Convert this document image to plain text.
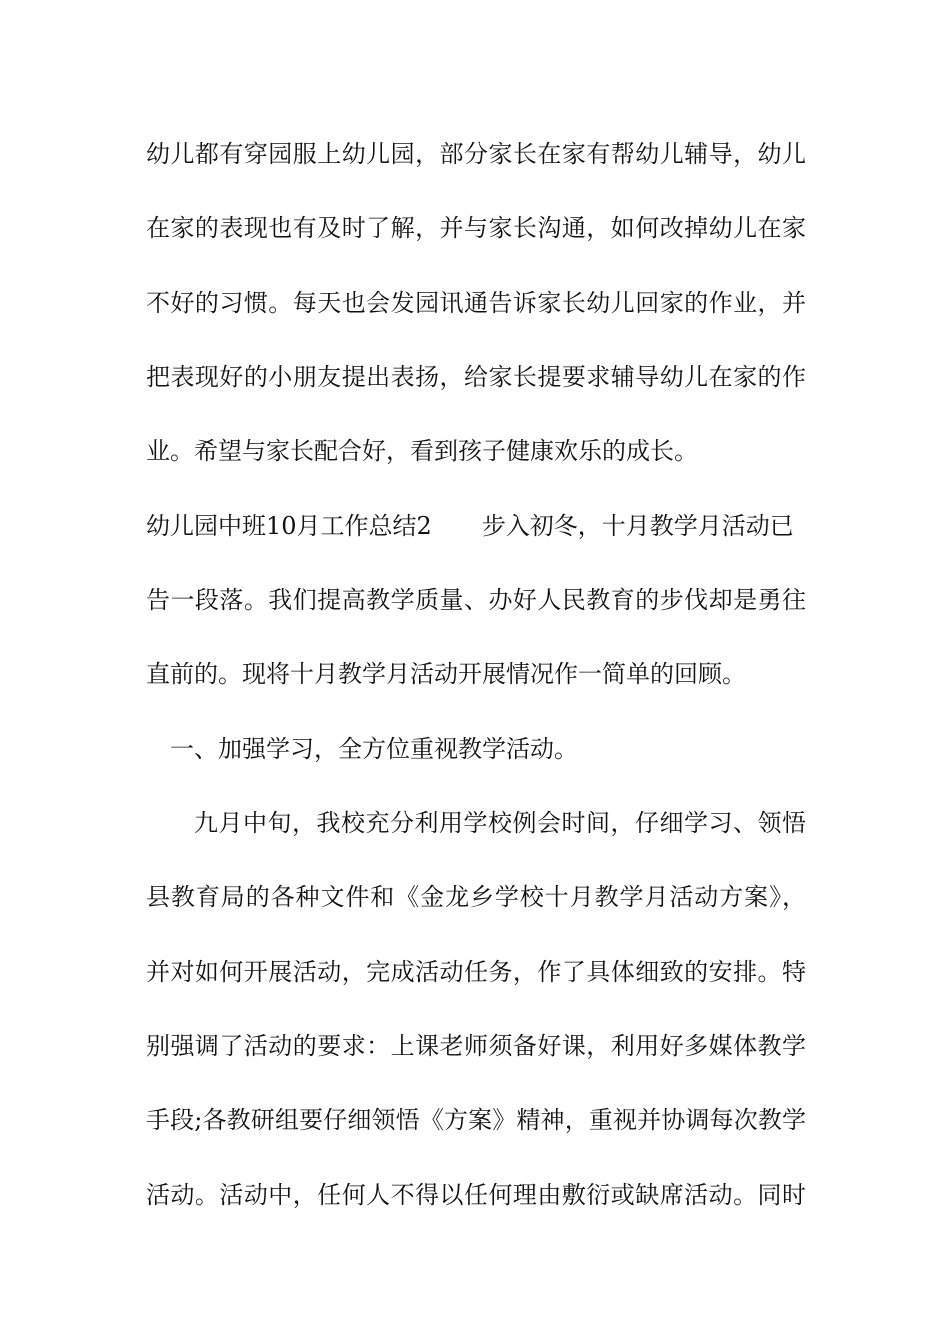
幼儿都有穿园服上幼儿园，部分家长在家有帮幼儿辅导，幼儿
在家的表现也有及时了解，并与家长沟通，如何改掉幼儿在家
不好的习惯。每天也会发园讯通告诉家长幼儿回家的作业，并
把表现好的小朋友提出表扬，给家长提要求辅导幼儿在家的作
业。希望与家长配合好，看到孩子健康欢乐的成长。
幼儿园中班10月工作总结2 步入初冬，十月教学月活动已
告一段落。我们提高教学质量、办好人民教育的步伐却是勇往
直前的。现将十月教学月活动开展情况作一简单的回顾。
一、加强学习，全方位重视教学活动。
九月中旬，我校充分利用学校例会时间，仔细学习、领悟
县教育局的各种文件和《金龙乡学校十月教学月活动方案》，
并对如何开展活动，完成活动任务，作了具体细致的安排。特
别强调了活动的要求：上课老师须备好课，利用好多媒体教学
手段;各教研组要仔细领悟《方案》精神，重视并协调每次教学
活动。活动中，任何人不得以任何理由敷衍或缺席活动。同时
